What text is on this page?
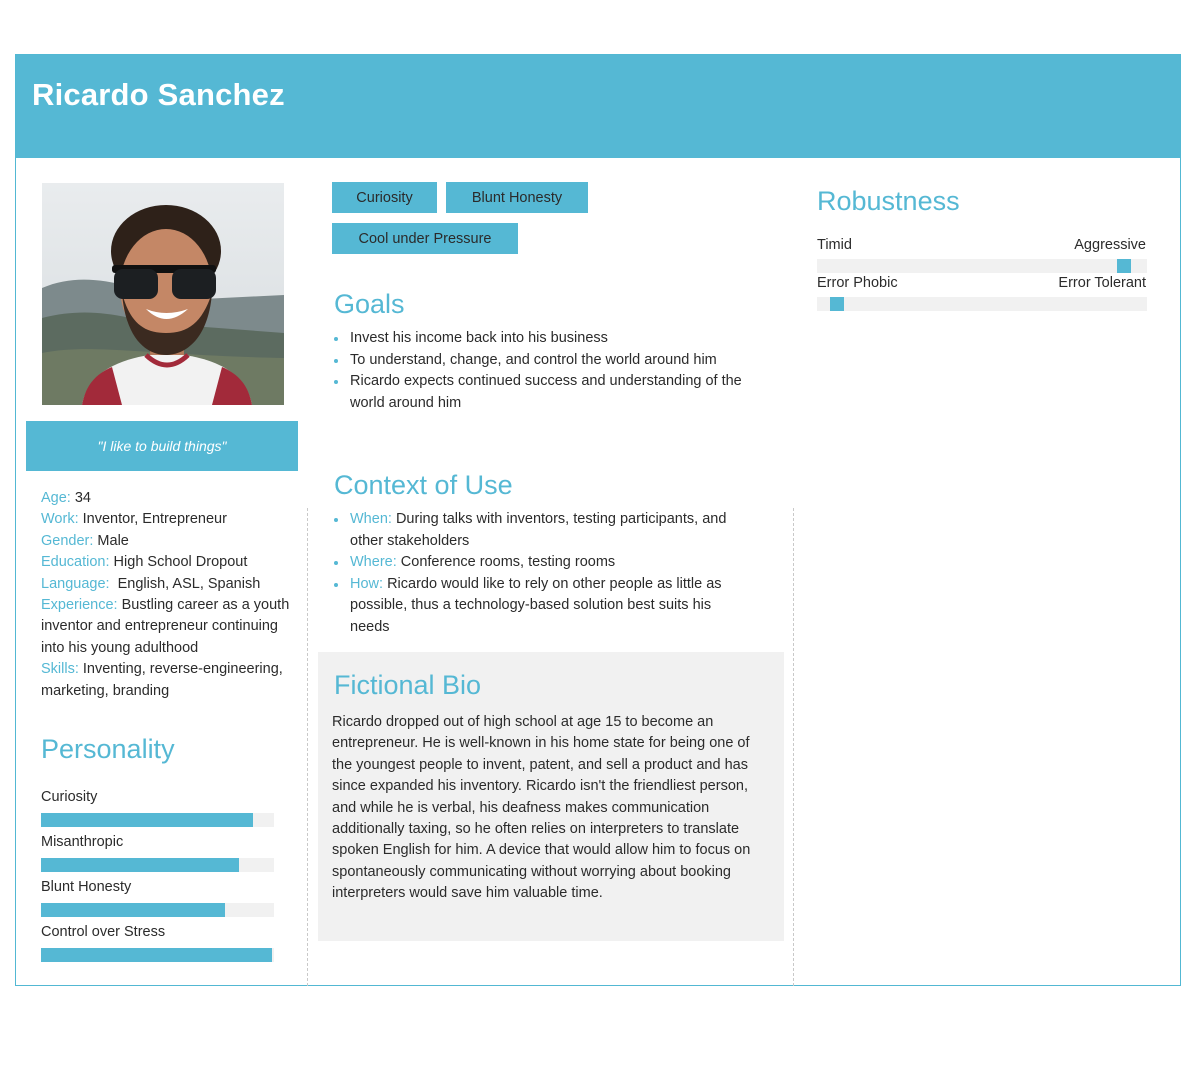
Ricardo Sanchez
"I like to build things"
Age: 34
Work: Inventor, Entrepreneur
Gender: Male
Education: High School Dropout
Language:  English, ASL, Spanish
Experience: Bustling career as a youth inventor and entrepreneur continuing into his young adulthood
Skills: Inventing, reverse-engineering, marketing, branding
Personality
Curiosity
Misanthropic
Blunt Honesty
Control over Stress
Curiosity	Blunt Honesty
Cool under Pressure
Goals
Invest his income back into his business
To understand, change, and control the world around him
Ricardo expects continued success and understanding of the world around him
Context of Use
When: During talks with inventors, testing participants, and other stakeholders
Where: Conference rooms, testing rooms
How: Ricardo would like to rely on other people as little as possible, thus a technology-based solution best suits his needs
Fictional Bio

Ricardo dropped out of high school at age 15 to become an entrepreneur. He is well-known in his home state for being one of the youngest people to invent, patent, and sell a product and has since expanded his inventory. Ricardo isn't the friendliest person, and while he is verbal, his deafness makes communication additionally taxing, so he often relies on interpreters to translate spoken English for him. A device that would allow him to focus on spontaneously communicating without worrying about booking interpreters would save him valuable time.

Robustness
Timid	Aggressive
Error Phobic	Error Tolerant
